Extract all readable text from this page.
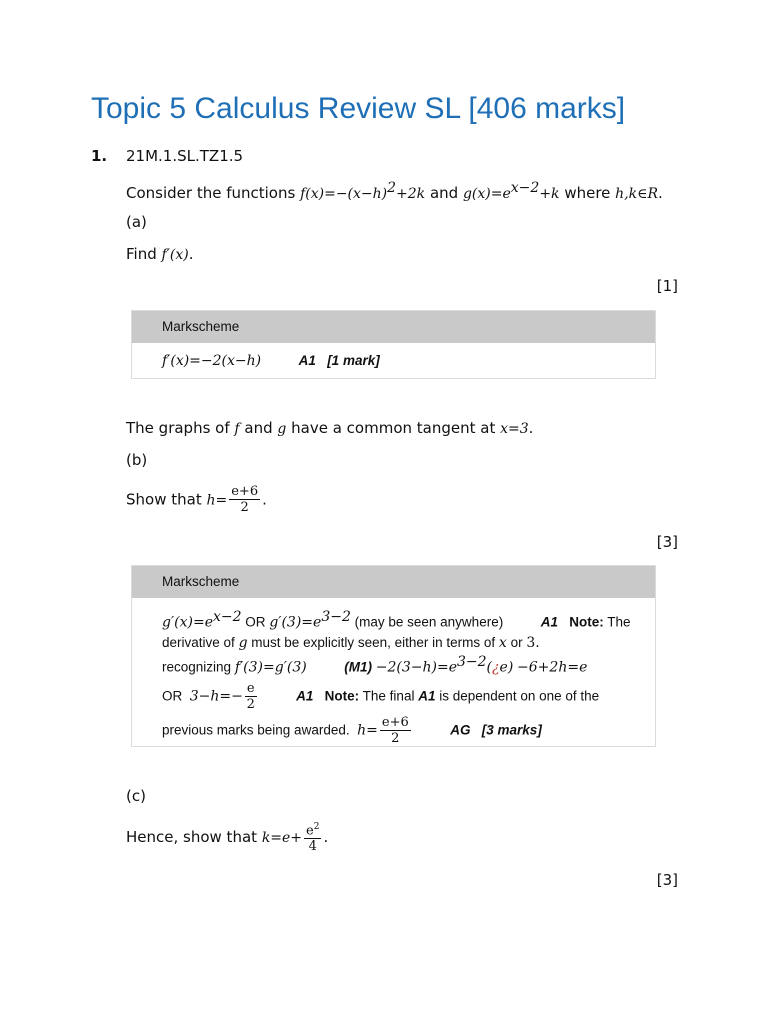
Topic 5 Calculus Review SL [406 marks]
1. 21M.1.SL.TZ1.5
Consider the functions $f(x)=-(x-h)^2+2k$ and $g(x)=e^{x-2}+k$ where h,k∈R.
(a)
Find f′(x).
[1]
Markscheme
f′(x)=−2(x−h)	A1 [1 mark]
The graphs of f and g have a common tangent at x=3.
(b)
Show that $h= \frac{e+6}{2}$ .
[3]
Markscheme
$g'(x)=e^{x-2}$ OR $g'(3)=e^{3-2}$ (may be seen anywhere)	A1 Note: The
derivative of g must be explicitly seen, either in terms of x or 3.
recognizing f′(3)=g′(3)	$(M1) -2(3-h)=e^{3-2}(¿e) -6+2h=e$
OR $3-h=- \frac{e}{2}$	A1 Note: The final A1 is dependent on one of the
previous marks being awarded. $h= \frac{e+6}{2}$	AG [3 marks]
(c)
Hence, show that $k=e+ \frac{e^2}{4}$ .
[3]
